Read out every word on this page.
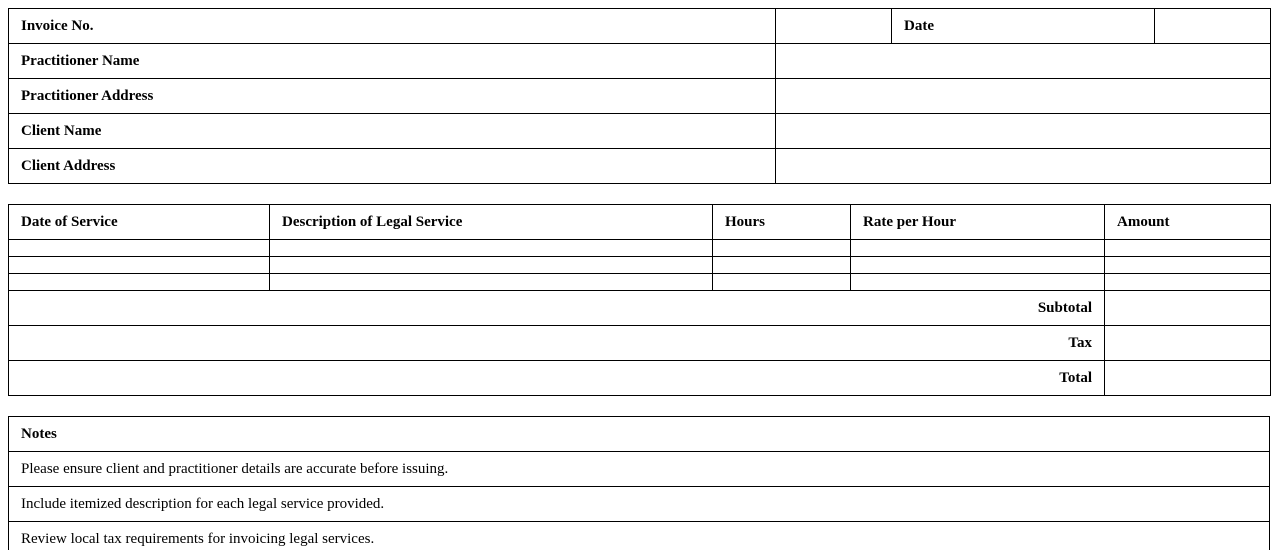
Invoice No.		Date	
Practitioner Name			
Practitioner Address			
Client Name			
Client Address			
Date of Service	Description of Legal Service	Hours	Rate per Hour	Amount

Subtotal				
Tax				
Total				
Notes
Please ensure client and practitioner details are accurate before issuing.
Include itemized description for each legal service provided.
Review local tax requirements for invoicing legal services.
